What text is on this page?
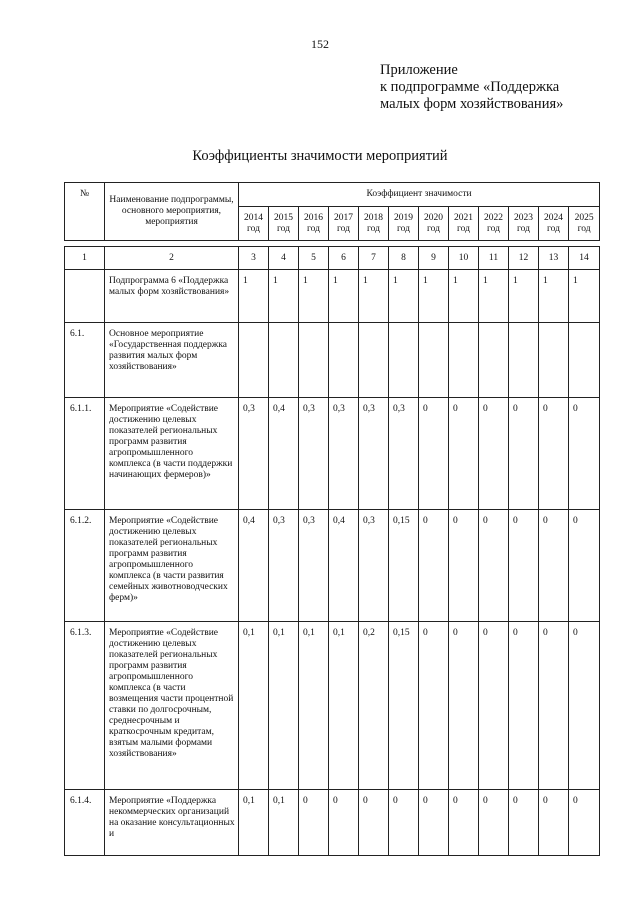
152
Приложение
к подпрограмме «Поддержка
малых форм хозяйствования»
Коэффициенты значимости мероприятий
№	Наименование подпрограммы, основного мероприятия, мероприятия	Коэффициент значимости											
		2014 год	2015 год	2016 год	2017 год	2018 год	2019 год	2020 год	2021 год	2022 год	2023 год	2024 год	2025 год
1	2	3	4	5	6	7	8	9	10	11	12	13	14
	Подпрограмма 6 «Поддержка малых форм хозяйствования»	1	1	1	1	1	1	1	1	1	1	1	1
6.1.	Основное мероприятие «Государственная поддержка развития малых форм хозяйствования»												
6.1.1.	Мероприятие «Содействие достижению целевых показателей региональных программ развития агропромышленного комплекса (в части поддержки начинающих фермеров)»	0,3	0,4	0,3	0,3	0,3	0,3	0	0	0	0	0	0
6.1.2.	Мероприятие «Содействие достижению целевых показателей региональных программ развития агропромышленного комплекса (в части развития семейных животноводческих ферм)»	0,4	0,3	0,3	0,4	0,3	0,15	0	0	0	0	0	0
6.1.3.	Мероприятие «Содействие достижению целевых показателей региональных программ развития агропромышленного комплекса (в части возмещения части процентной ставки по долгосрочным, среднесрочным и краткосрочным кредитам, взятым малыми формами хозяйствования»	0,1	0,1	0,1	0,1	0,2	0,15	0	0	0	0	0	0
6.1.4.	Мероприятие «Поддержка некоммерческих организаций на оказание консультационных и	0,1	0,1	0	0	0	0	0	0	0	0	0	0
